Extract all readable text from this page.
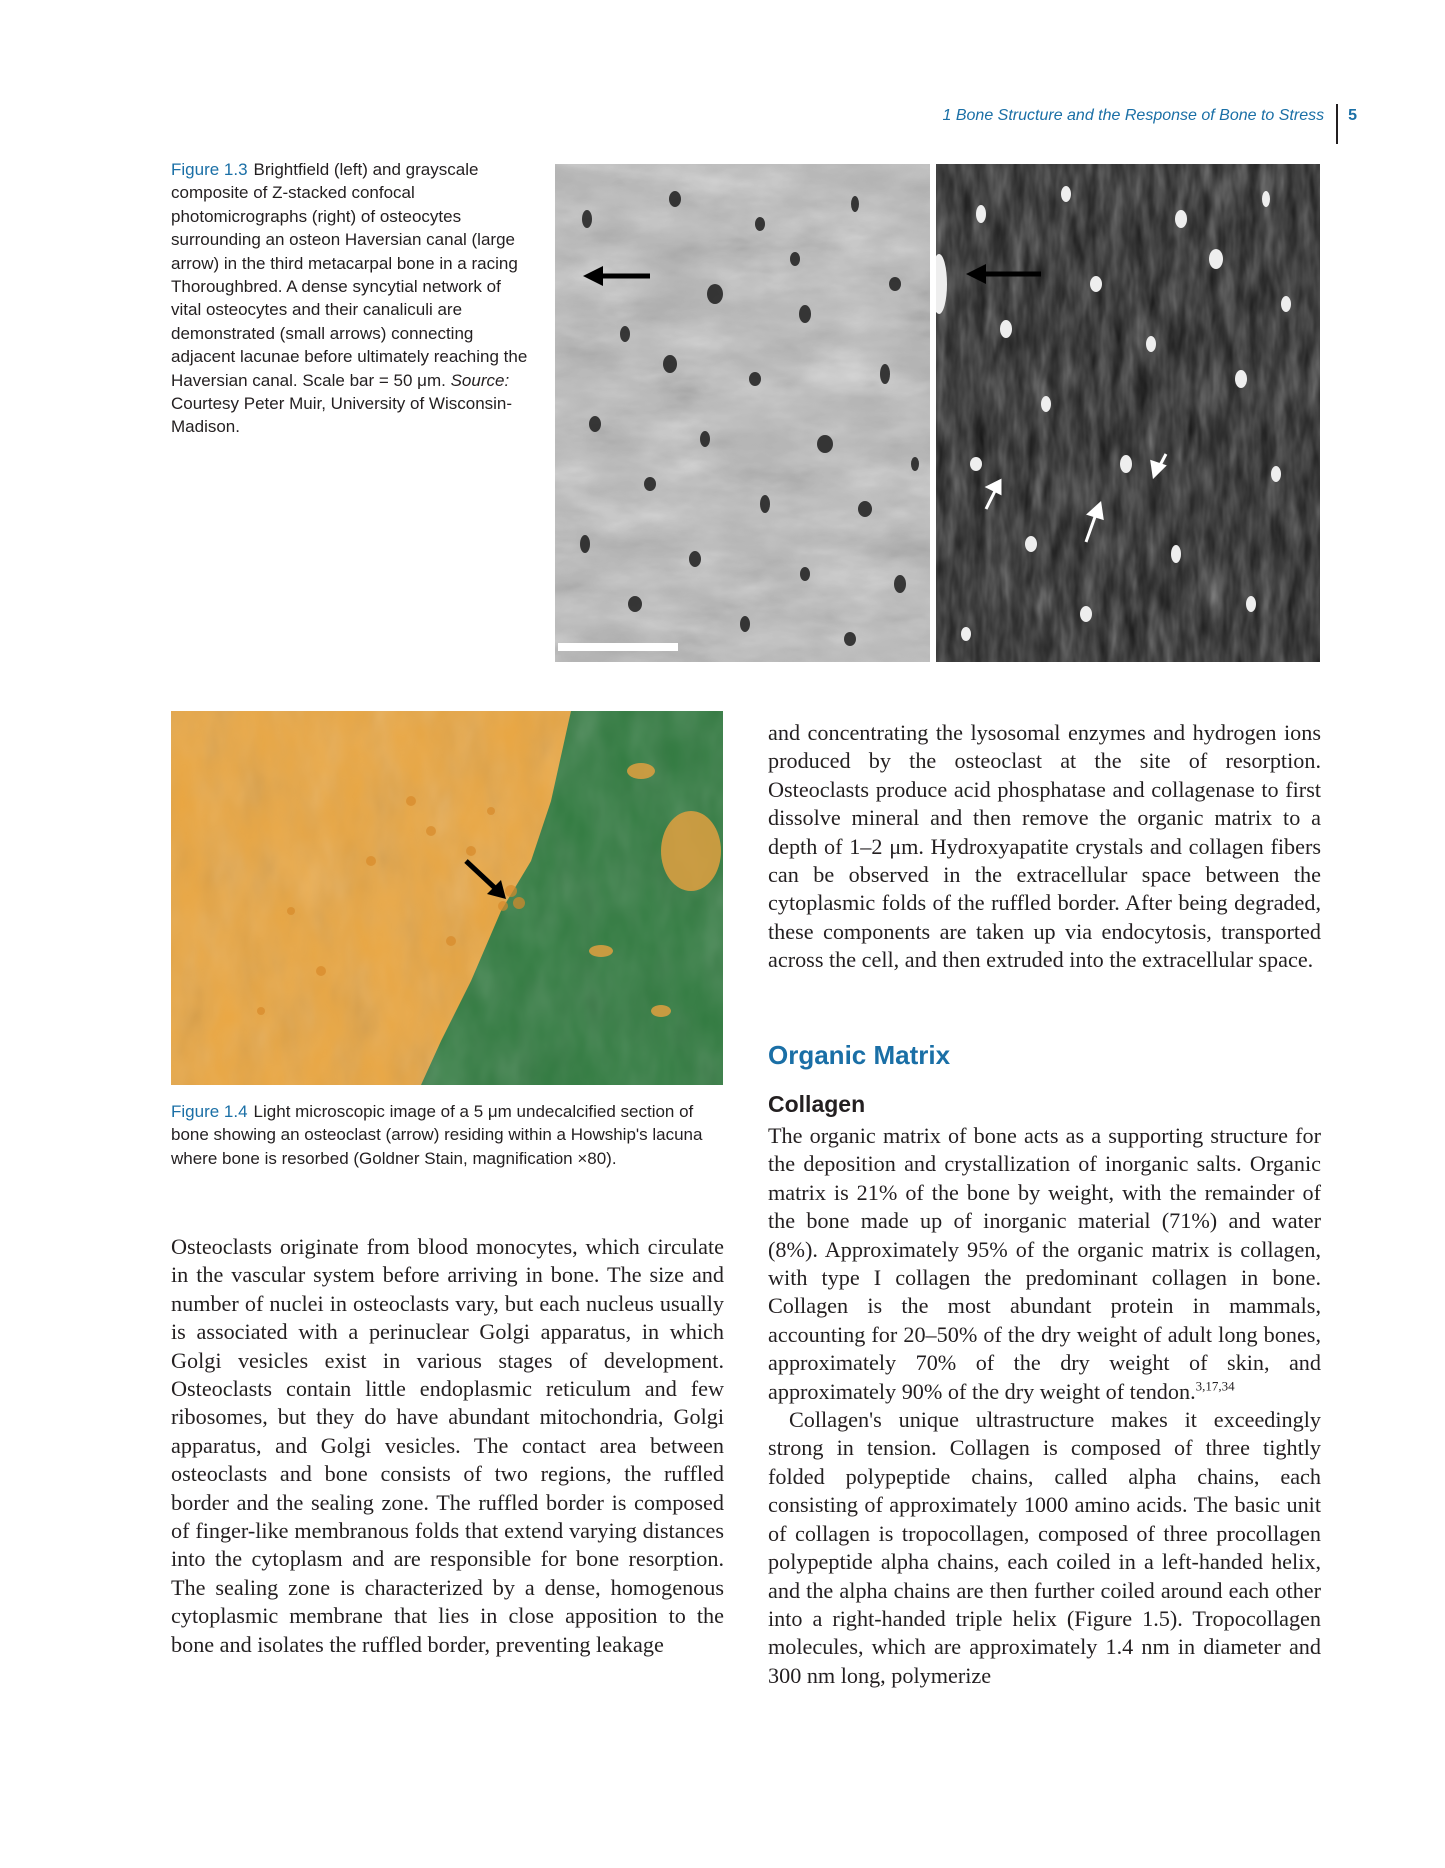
1 Bone Structure and the Response of Bone to Stress	5
Figure 1.3 Brightfield (left) and grayscale composite of Z-stacked confocal photomicrographs (right) of osteocytes surrounding an osteon Haversian canal (large arrow) in the third metacarpal bone in a racing Thoroughbred. A dense syncytial network of vital osteocytes and their canaliculi are demonstrated (small arrows) connecting adjacent lacunae before ultimately reaching the Haversian canal. Scale bar = 50 μm. Source: Courtesy Peter Muir, University of Wisconsin-Madison.
Figure 1.4 Light microscopic image of a 5 μm undecalcified section of bone showing an osteoclast (arrow) residing within a Howship's lacuna where bone is resorbed (Goldner Stain, magnification ×80).

Osteoclasts originate from blood monocytes, which circulate in the vascular system before arriving in bone. The size and number of nuclei in osteoclasts vary, but each nucleus usually is associated with a perinuclear Golgi apparatus, in which Golgi vesicles exist in various stages of development. Osteoclasts contain little endoplasmic reticulum and few ribosomes, but they do have abundant mitochondria, Golgi apparatus, and Golgi vesicles. The contact area between osteoclasts and bone consists of two regions, the ruffled border and the sealing zone. The ruffled border is composed of finger-like membranous folds that extend varying distances into the cytoplasm and are responsible for bone resorption. The sealing zone is characterized by a dense, homogenous cytoplasmic membrane that lies in close apposition to the bone and isolates the ruffled border, preventing leakage

and concentrating the lysosomal enzymes and hydrogen ions produced by the osteoclast at the site of resorption. Osteoclasts produce acid phosphatase and collagenase to first dissolve mineral and then remove the organic matrix to a depth of 1–2 μm. Hydroxyapatite crystals and collagen fibers can be observed in the extracellular space between the cytoplasmic folds of the ruffled border. After being degraded, these components are taken up via endocytosis, transported across the cell, and then extruded into the extracellular space.

Organic Matrix
Collagen

The organic matrix of bone acts as a supporting structure for the deposition and crystallization of inorganic salts. Organic matrix is 21% of the bone by weight, with the remainder of the bone made up of inorganic material (71%) and water (8%). Approximately 95% of the organic matrix is collagen, with type I collagen the predominant collagen in bone. Collagen is the most abundant protein in mammals, accounting for 20–50% of the dry weight of adult long bones, approximately 70% of the dry weight of skin, and approximately 90% of the dry weight of tendon.$^{3,17,34}$

Collagen's unique ultrastructure makes it exceedingly strong in tension. Collagen is composed of three tightly folded polypeptide chains, called alpha chains, each consisting of approximately 1000 amino acids. The basic unit of collagen is tropocollagen, composed of three procollagen polypeptide alpha chains, each coiled in a left-handed helix, and the alpha chains are then further coiled around each other into a right-handed triple helix (Figure 1.5). Tropocollagen molecules, which are approximately 1.4 nm in diameter and 300 nm long, polymerize
